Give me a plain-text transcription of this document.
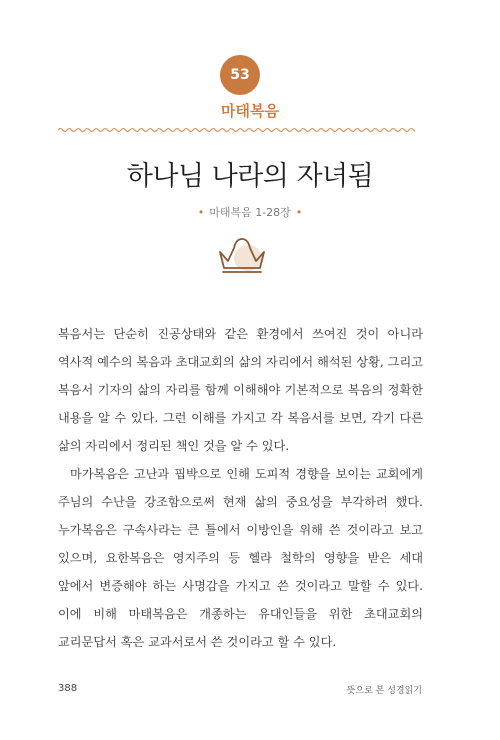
53
마태복음
하나님 나라의 자녀됨
• 마태복음 1-28장 •

복음서는 단순히 진공상태와 같은 환경에서 쓰여진 것이 아니라 역사적 예수의 복음과 초대교회의 삶의 자리에서 해석된 상황, 그리고 복음서 기자의 삶의 자리를 함께 이해해야 기본적으로 복음의 정확한 내용을 알 수 있다. 그런 이해를 가지고 각 복음서를 보면, 각기 다른 삶의 자리에서 정리된 책인 것을 알 수 있다.

마가복음은 고난과 핍박으로 인해 도피적 경향을 보이는 교회에게 주님의 수난을 강조함으로써 현재 삶의 중요성을 부각하려 했다. 누가복음은 구속사라는 큰 틀에서 이방인을 위해 쓴 것이라고 보고 있으며, 요한복음은 영지주의 등 헬라 철학의 영향을 받은 세대 앞에서 변증해야 하는 사명감을 가지고 쓴 것이라고 말할 수 있다. 이에 비해 마태복음은 개종하는 유대인들을 위한 초대교회의 교리문답서 혹은 교과서로서 쓴 것이라고 할 수 있다.

388	뜻으로 본 성경읽기
